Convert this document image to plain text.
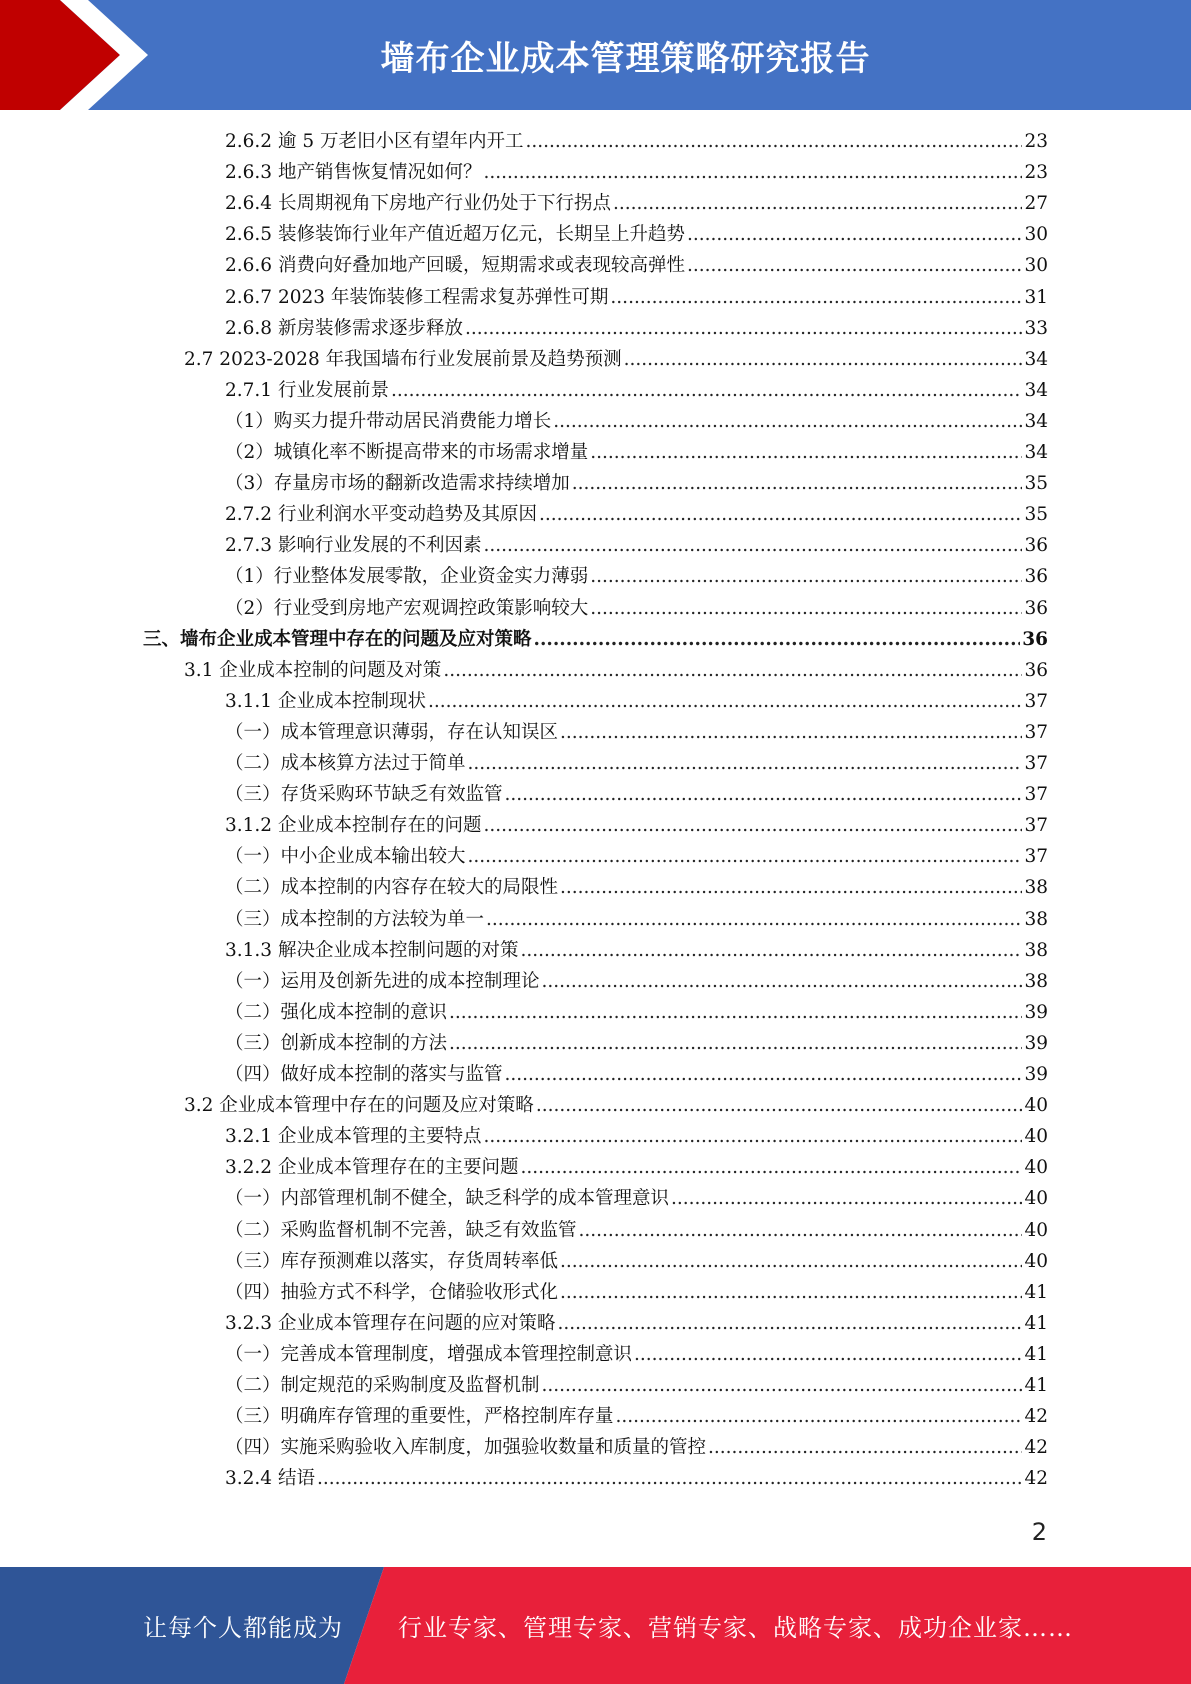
墙布企业成本管理策略研究报告
2.6.2 逾 5 万老旧小区有望年内开工 .....	23
2.6.3 地产销售恢复情况如何？ .....	23
2.6.4 长周期视角下房地产行业仍处于下行拐点 .....	27
2.6.5 装修装饰行业年产值近超万亿元，长期呈上升趋势 .....	30
2.6.6 消费向好叠加地产回暖，短期需求或表现较高弹性 .....	30
2.6.7 2023 年装饰装修工程需求复苏弹性可期 .....	31
2.6.8 新房装修需求逐步释放 .....	33
2.7 2023-2028 年我国墙布行业发展前景及趋势预测 .....	34
2.7.1 行业发展前景 .....	34
（1）购买力提升带动居民消费能力增长 .....	34
（2）城镇化率不断提高带来的市场需求增量 .....	34
（3）存量房市场的翻新改造需求持续增加 .....	35
2.7.2 行业利润水平变动趋势及其原因 .....	35
2.7.3 影响行业发展的不利因素 .....	36
（1）行业整体发展零散，企业资金实力薄弱 .....	36
（2）行业受到房地产宏观调控政策影响较大 .....	36
三、墙布企业成本管理中存在的问题及应对策略 .....	36
3.1 企业成本控制的问题及对策 .....	36
3.1.1 企业成本控制现状 .....	37
（一）成本管理意识薄弱，存在认知误区 .....	37
（二）成本核算方法过于简单 .....	37
（三）存货采购环节缺乏有效监管 .....	37
3.1.2 企业成本控制存在的问题 .....	37
（一）中小企业成本输出较大 .....	37
（二）成本控制的内容存在较大的局限性 .....	38
（三）成本控制的方法较为单一 .....	38
3.1.3 解决企业成本控制问题的对策 .....	38
（一）运用及创新先进的成本控制理论 .....	38
（二）强化成本控制的意识 .....	39
（三）创新成本控制的方法 .....	39
（四）做好成本控制的落实与监管 .....	39
3.2 企业成本管理中存在的问题及应对策略 .....	40
3.2.1 企业成本管理的主要特点 .....	40
3.2.2 企业成本管理存在的主要问题 .....	40
（一）内部管理机制不健全，缺乏科学的成本管理意识 .....	40
（二）采购监督机制不完善，缺乏有效监管 .....	40
（三）库存预测难以落实，存货周转率低 .....	40
（四）抽验方式不科学，仓储验收形式化 .....	41
3.2.3 企业成本管理存在问题的应对策略 .....	41
（一）完善成本管理制度，增强成本管理控制意识 .....	41
（二）制定规范的采购制度及监督机制 .....	41
（三）明确库存管理的重要性，严格控制库存量 .....	42
（四）实施采购验收入库制度，加强验收数量和质量的管控 .....	42
3.2.4 结语 .....	42
2
让每个人都能成为 行业专家、管理专家、营销专家、战略专家、成功企业家……
